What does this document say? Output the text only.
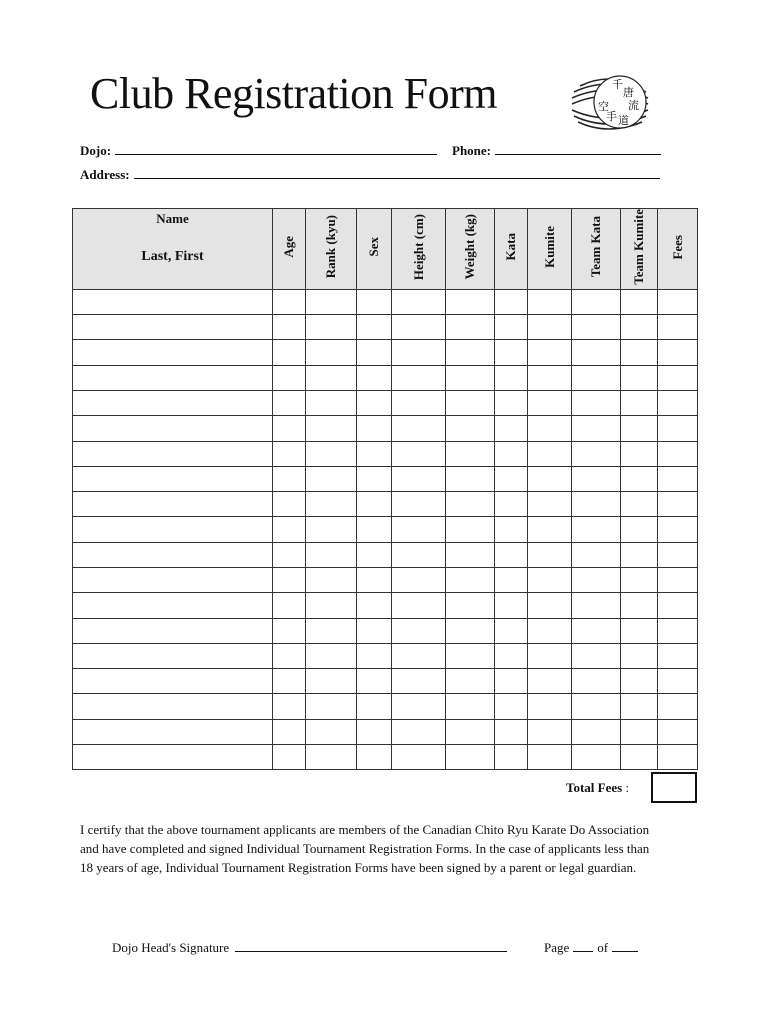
Club Registration Form	千
唐
流
空
手 道
Dojo:	Phone:
Address:
Name
Last, First	Age	Rank (kyu)	Sex	Height (cm)	Weight (kg)	Kata	Kumite	Team Kata	Team Kumite	Fees

Total Fees :
I certify that the above tournament applicants are members of the Canadian Chito Ryu Karate Do Association and have completed and signed Individual Tournament Registration Forms. In the case of applicants less than 18 years of age, Individual Tournament Registration Forms have been signed by a parent or legal guardian.
Dojo Head's Signature	Page of
